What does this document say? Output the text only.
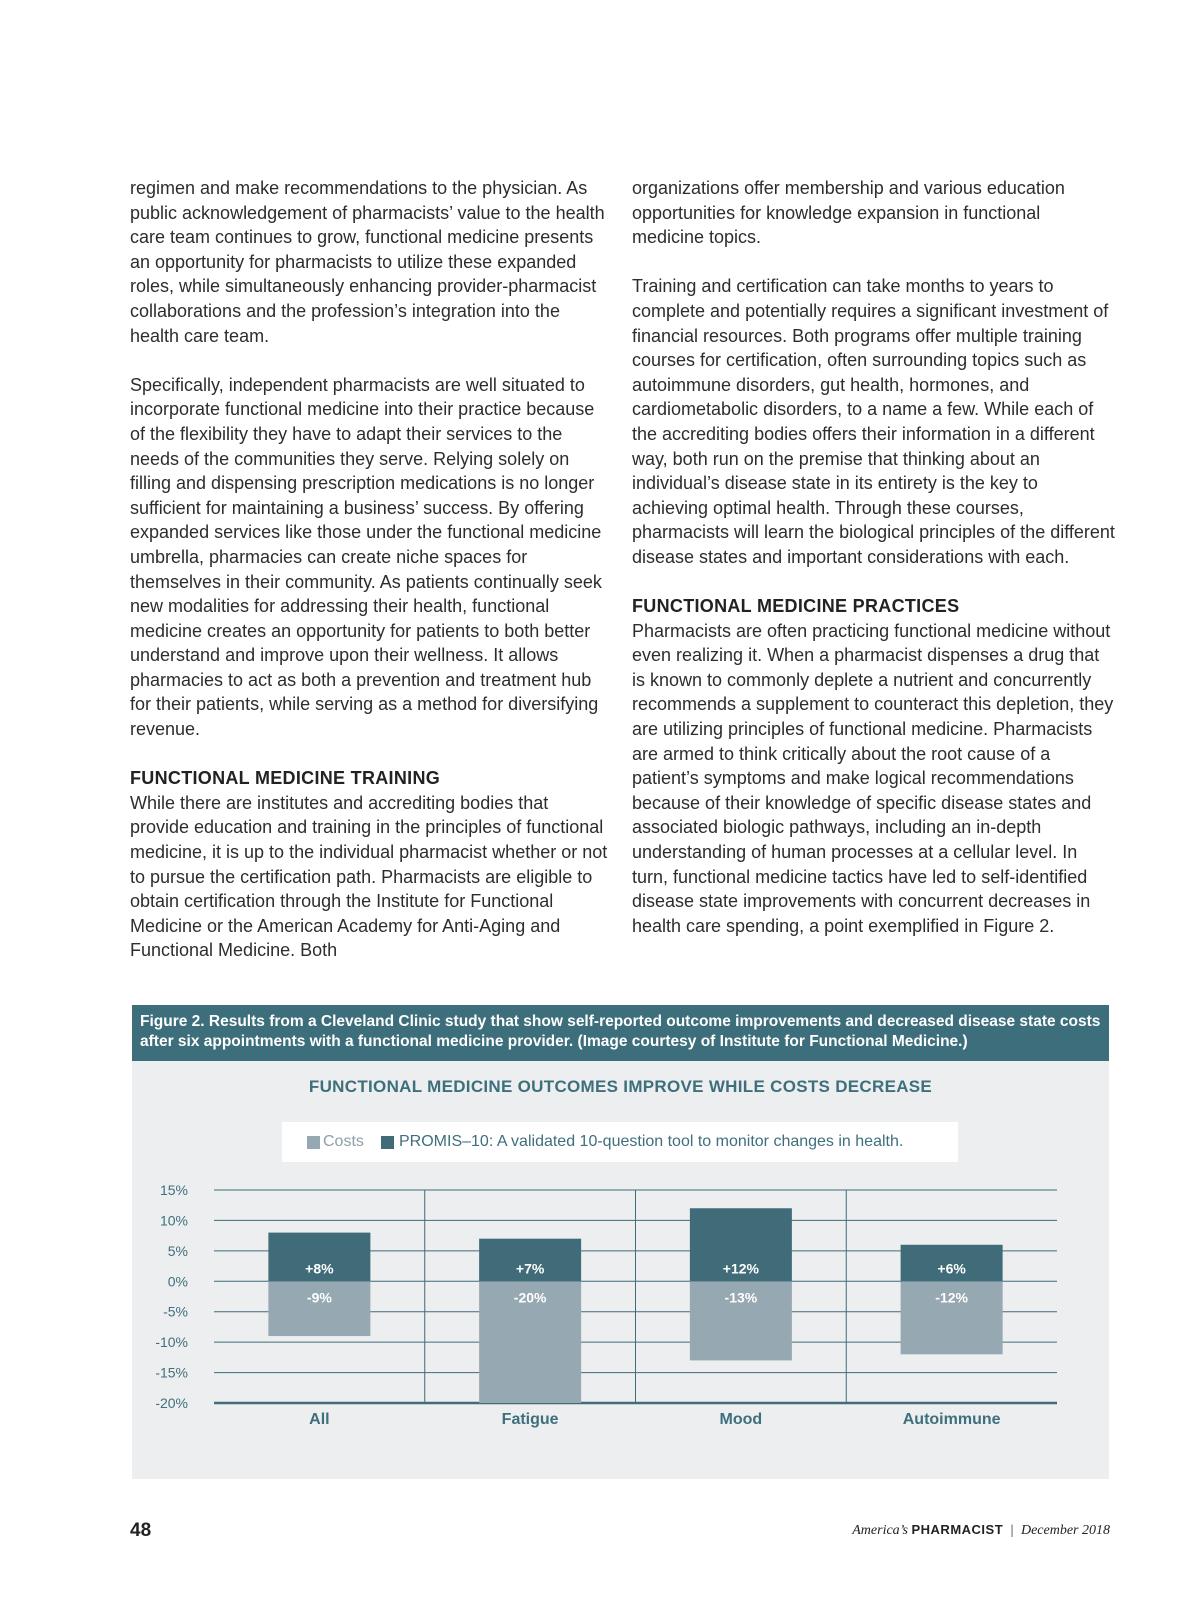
regimen and make recommendations to the physician. As public acknowledgement of pharmacists’ value to the health care team continues to grow, functional medicine presents an opportunity for pharmacists to utilize these expanded roles, while simultaneously enhancing provider-pharmacist collaborations and the profession’s integration into the health care team.

Specifically, independent pharmacists are well situated to incorporate functional medicine into their practice because of the flexibility they have to adapt their services to the needs of the communities they serve. Relying solely on filling and dispensing prescription medications is no longer sufficient for maintaining a business’ success. By offering expanded services like those under the functional medicine umbrella, pharmacies can create niche spaces for themselves in their community. As patients continually seek new modalities for addressing their health, functional medicine creates an opportunity for patients to both better understand and improve upon their wellness. It allows pharmacies to act as both a prevention and treatment hub for their patients, while serving as a method for diversifying revenue.

FUNCTIONAL MEDICINE TRAINING

While there are institutes and accrediting bodies that provide education and training in the principles of functional medicine, it is up to the individual pharmacist whether or not to pursue the certification path. Pharmacists are eligible to obtain certification through the Institute for Functional Medicine or the American Academy for Anti-Aging and Functional Medicine. Both

organizations offer membership and various education opportunities for knowledge expansion in functional medicine topics.

Training and certification can take months to years to complete and potentially requires a significant investment of financial resources. Both programs offer multiple training courses for certification, often surrounding topics such as autoimmune disorders, gut health, hormones, and cardiometabolic disorders, to a name a few. While each of the accrediting bodies offers their information in a different way, both run on the premise that thinking about an individual’s disease state in its entirety is the key to achieving optimal health. Through these courses, pharmacists will learn the biological principles of the different disease states and important considerations with each.

FUNCTIONAL MEDICINE PRACTICES

Pharmacists are often practicing functional medicine without even realizing it. When a pharmacist dispenses a drug that is known to commonly deplete a nutrient and concurrently recommends a supplement to counteract this depletion, they are utilizing principles of functional medicine. Pharmacists are armed to think critically about the root cause of a patient’s symptoms and make logical recommendations because of their knowledge of specific disease states and associated biologic pathways, including an in-depth understanding of human processes at a cellular level. In turn, functional medicine tactics have led to self-identified disease state improvements with concurrent decreases in health care spending, a point exemplified in Figure 2.

Figure 2. Results from a Cleveland Clinic study that show self-reported outcome improvements and decreased disease state costs after six appointments with a functional medicine provider. (Image courtesy of Institute for Functional Medicine.)
FUNCTIONAL MEDICINE OUTCOMES IMPROVE WHILE COSTS DECREASE
Costs PROMIS–10: A validated 10-question tool to monitor changes in health.
15%
10%
5%
0%
-5%
-10%
-15%
-20%
+8%
-9%
All
+7%
-20%
Fatigue
+12%
-13%
Mood
+6%
-12%
Autoimmune
48	America’s PHARMACIST | December 2018
